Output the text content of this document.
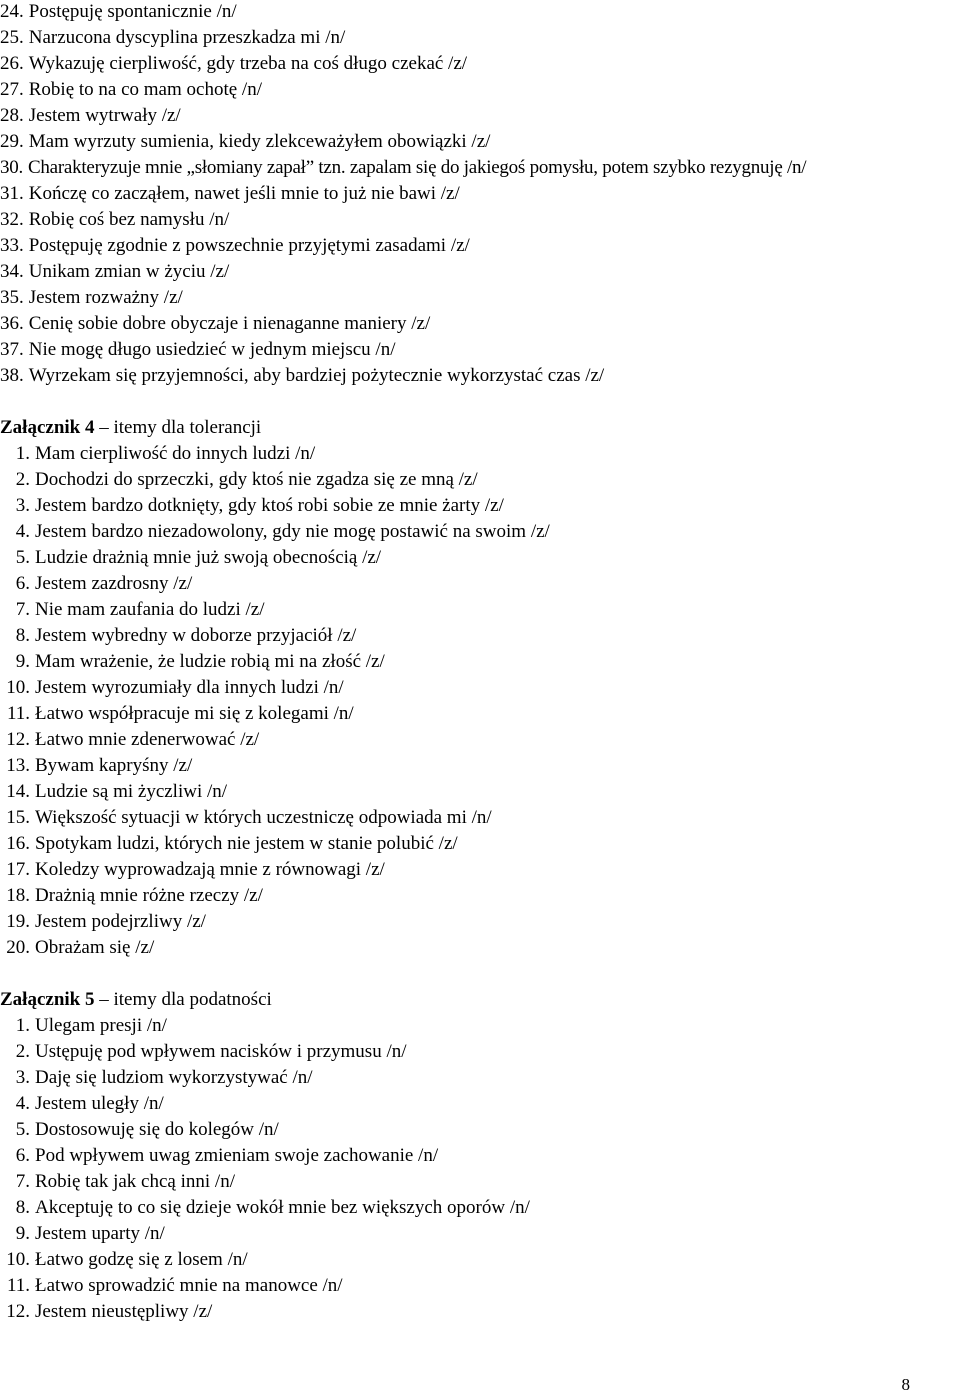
24. Postępuję spontanicznie /n/
25. Narzucona dyscyplina przeszkadza mi /n/
26. Wykazuję cierpliwość, gdy trzeba na coś długo czekać /z/
27. Robię to na co mam ochotę /n/
28. Jestem wytrwały /z/
29. Mam wyrzuty sumienia, kiedy zlekceważyłem obowiązki /z/
30. Charakteryzuje mnie „słomiany zapał” tzn. zapalam się do jakiegoś pomysłu, potem szybko rezygnuję /n/
31. Kończę co zacząłem, nawet jeśli mnie to już nie bawi /z/
32. Robię coś bez namysłu /n/
33. Postępuję zgodnie z powszechnie przyjętymi zasadami /z/
34. Unikam zmian w życiu /z/
35. Jestem rozważny /z/
36. Cenię sobie dobre obyczaje i nienaganne maniery /z/
37. Nie mogę długo usiedzieć w jednym miejscu /n/
38. Wyrzekam się przyjemności, aby bardziej pożytecznie wykorzystać czas /z/
Załącznik 4 – itemy dla tolerancji
1. Mam cierpliwość do innych ludzi /n/
2. Dochodzi do sprzeczki, gdy ktoś nie zgadza się ze mną /z/
3. Jestem bardzo dotknięty, gdy ktoś robi sobie ze mnie żarty /z/
4. Jestem bardzo niezadowolony, gdy nie mogę postawić na swoim /z/
5. Ludzie drażnią mnie już swoją obecnością /z/
6. Jestem zazdrosny /z/
7. Nie mam zaufania do ludzi /z/
8. Jestem wybredny w doborze przyjaciół /z/
9. Mam wrażenie, że ludzie robią mi na złość /z/
10. Jestem wyrozumiały dla innych ludzi /n/
11. Łatwo współpracuje mi się z kolegami /n/
12. Łatwo mnie zdenerwować /z/
13. Bywam kapryśny /z/
14. Ludzie są mi życzliwi /n/
15. Większość sytuacji w których uczestniczę odpowiada mi /n/
16. Spotykam ludzi, których nie jestem w stanie polubić /z/
17. Koledzy wyprowadzają mnie z równowagi /z/
18. Drażnią mnie różne rzeczy /z/
19. Jestem podejrzliwy /z/
20. Obrażam się /z/
Załącznik 5 – itemy dla podatności
1. Ulegam presji /n/
2. Ustępuję pod wpływem nacisków i przymusu /n/
3. Daję się ludziom wykorzystywać /n/
4. Jestem uległy /n/
5. Dostosowuję się do kolegów /n/
6. Pod wpływem uwag zmieniam swoje zachowanie /n/
7. Robię tak jak chcą inni /n/
8. Akceptuję to co się dzieje wokół mnie bez większych oporów /n/
9. Jestem uparty /n/
10. Łatwo godzę się z losem /n/
11. Łatwo sprowadzić mnie na manowce /n/
12. Jestem nieustępliwy /z/
8
